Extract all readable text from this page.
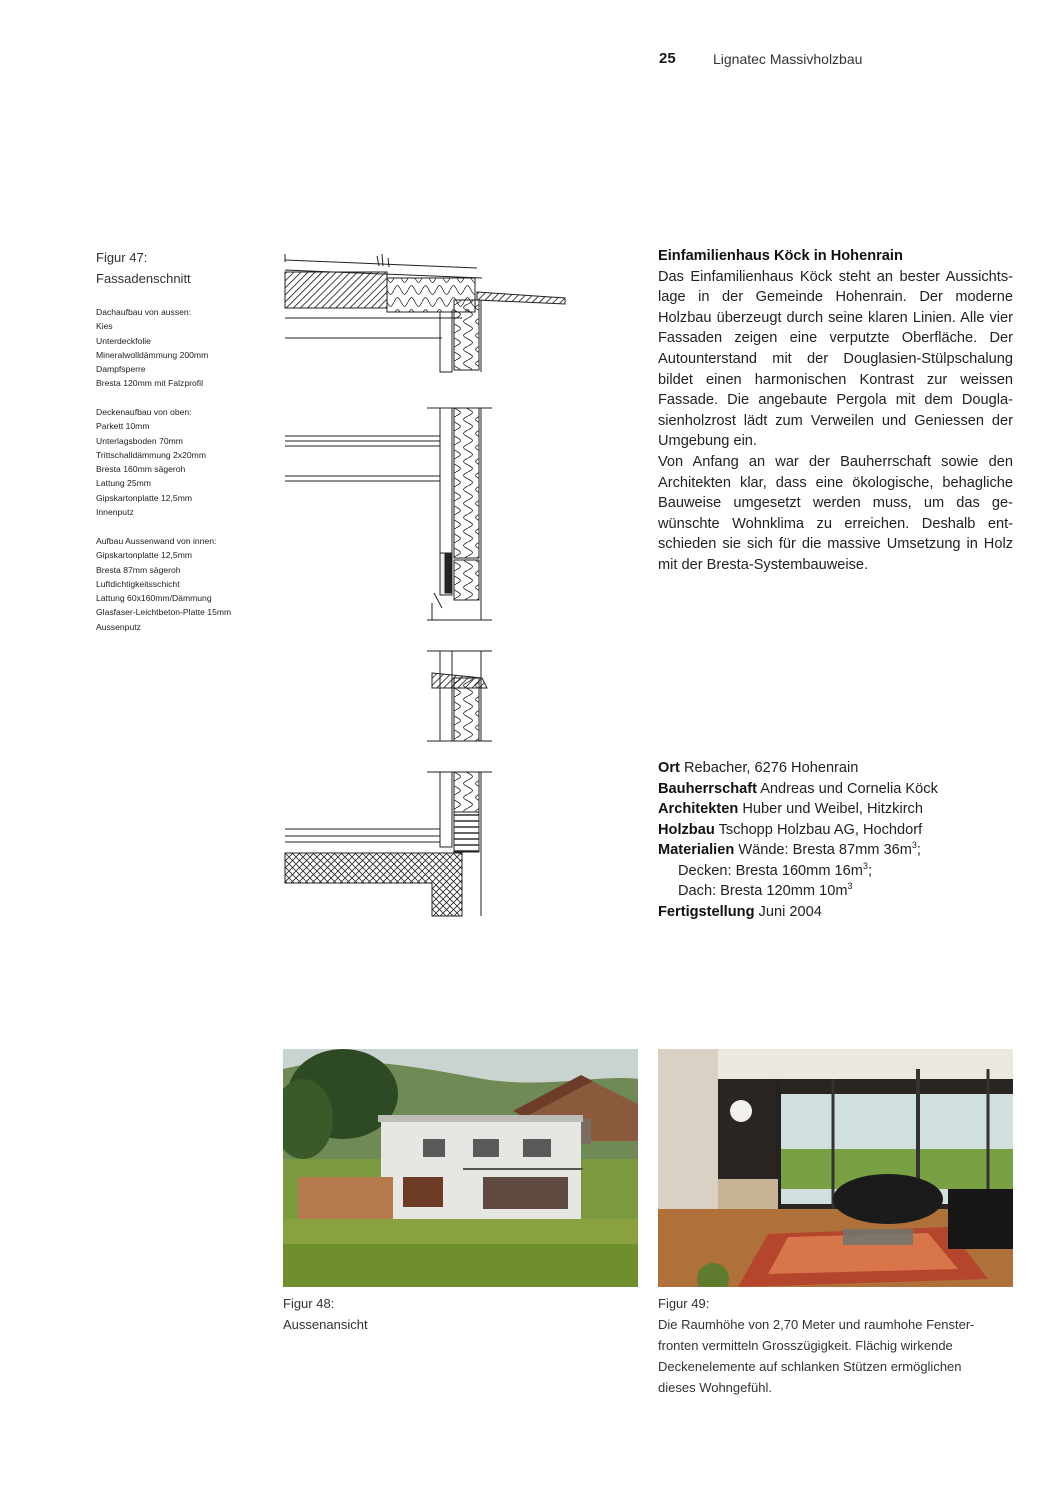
25	Lignatec Massivholzbau
Figur 47:
Fassadenschnitt
Dachaufbau von aussen:
Kies
Unterdeckfolie
Mineralwolldämmung 200mm
Dampfsperre
Bresta 120mm mit Falzprofil
Deckenaufbau von oben:
Parkett 10mm
Unterlagsboden 70mm
Trittschalldämmung 2x20mm
Bresta 160mm sägeroh
Lattung 25mm
Gipskartonplatte 12,5mm
Innenputz
Aufbau Aussenwand von innen:
Gipskartonplatte 12,5mm
Bresta 87mm sägeroh
Luftdichtigkeitsschicht
Lattung 60x160mm/Dämmung
Glasfaser-Leichtbeton-Platte 15mm
Aussenputz
Einfamilienhaus Köck in Hohenrain

Das Einfamilienhaus Köck steht an bester Aussichtslage in der Gemeinde Hohenrain. Der moderne Holzbau überzeugt durch seine klaren Linien. Alle vier Fassaden zeigen eine verputzte Oberfläche. Der Autounterstand mit der Douglasien-Stülpschalung bildet einen harmonischen Kontrast zur weissen Fassade. Die angebaute Pergola mit dem Douglasienholzrost lädt zum Verweilen und Geniessen der Umgebung ein.

Von Anfang an war der Bauherrschaft sowie den Architekten klar, dass eine ökologische, behagliche Bauweise umgesetzt werden muss, um das gewünschte Wohnklima zu erreichen. Deshalb entschieden sie sich für die massive Umsetzung in Holz mit der Bresta-Systembauweise.

Ort Rebacher, 6276 Hohenrain
Bauherrschaft Andreas und Cornelia Köck
Architekten Huber und Weibel, Hitzkirch
Holzbau Tschopp Holzbau AG, Hochdorf
Materialien Wände: Bresta 87mm $36m^3$;
Decken: Bresta 160mm $16m^3$;
Dach: Bresta 120mm $10m^3$
Fertigstellung Juni 2004
Figur 48:
Aussenansicht
Figur 49:
Die Raumhöhe von 2,70 Meter und raumhohe Fenster-
fronten vermitteln Grosszügigkeit. Flächig wirkende
Deckenelemente auf schlanken Stützen ermöglichen
dieses Wohngefühl.
